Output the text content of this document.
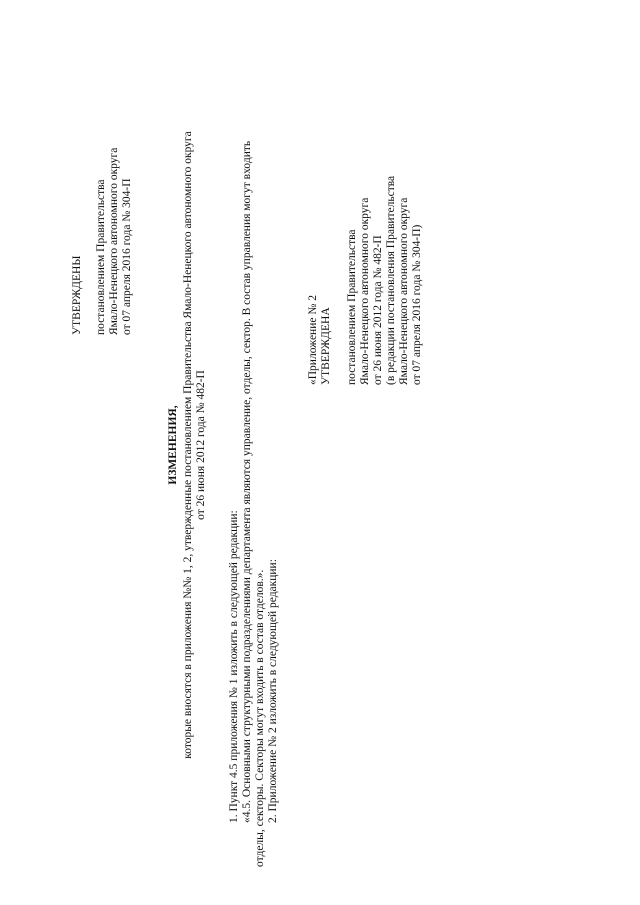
УТВЕРЖДЕНЫ постановлением Правительства Ямало-Ненецкого автономного округа от 07 апреля 2016 года № 304-П
ИЗМЕНЕНИЯ, которые вносятся в приложения №№ 1, 2, утвержденные постановлением Правительства Ямало-Ненецкого автономного округа от 26 июня 2012 года № 482-П
1. Пункт 4.5 приложения № 1 изложить в следующей редакции: «4.5. Основными структурными подразделениями департамента являются управление, отделы, сектор. В состав управления могут входить отделы, секторы. Секторы могут входить в состав отделов.». 2. Приложение № 2 изложить в следующей редакции:
«Приложение № 2 УТВЕРЖДЕНА постановлением Правительства Ямало-Ненецкого автономного округа от 26 июня 2012 года № 482-П (в редакции постановления Правительства Ямало-Ненецкого автономного округа от 07 апреля 2016 года № 304-П)
